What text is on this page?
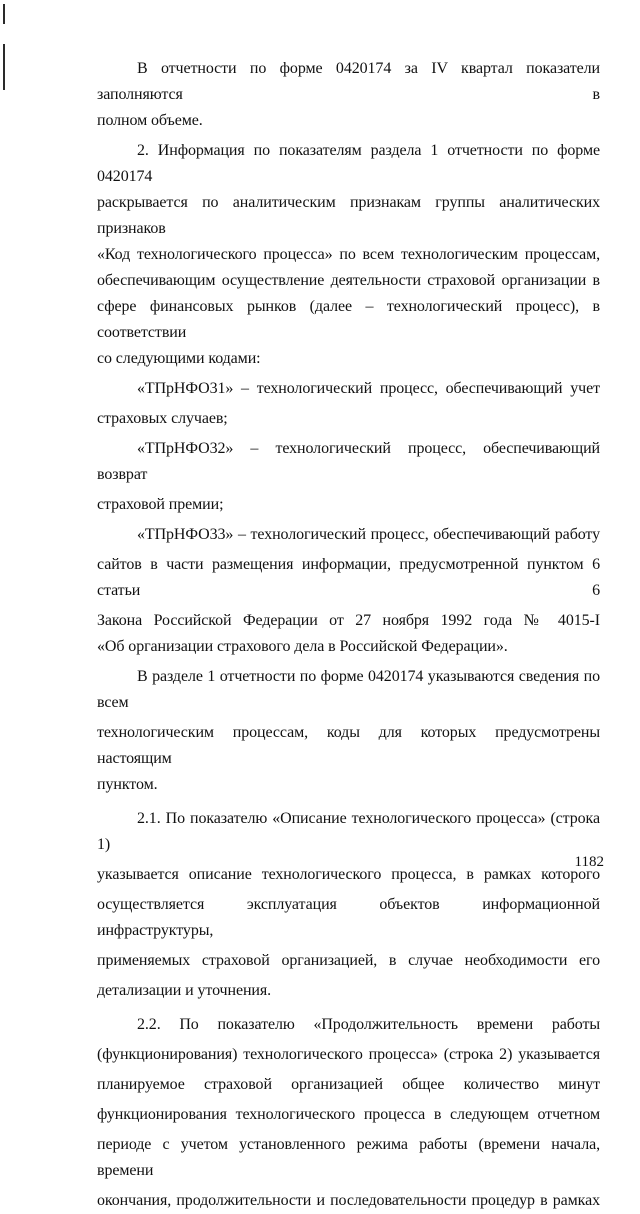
В отчетности по форме 0420174 за IV квартал показатели заполняются в

полном объеме.

2. Информация по показателям раздела 1 отчетности по форме 0420174

раскрывается по аналитическим признакам группы аналитических признаков

«Код технологического процесса» по всем технологическим процессам,

обеспечивающим осуществление деятельности страховой организации в

сфере финансовых рынков (далее – технологический процесс), в соответствии

со следующими кодами:

«ТПрНФО31» – технологический процесс, обеспечивающий учет

страховых случаев;

«ТПрНФО32» – технологический процесс, обеспечивающий возврат

страховой премии;

«ТПрНФО33» – технологический процесс, обеспечивающий работу

сайтов в части размещения информации, предусмотренной пунктом 6 статьи 6

Закона Российской Федерации от 27 ноября 1992 года № 4015-I

«Об организации страхового дела в Российской Федерации».

В разделе 1 отчетности по форме 0420174 указываются сведения по всем

технологическим процессам, коды для которых предусмотрены настоящим

пунктом.

2.1. По показателю «Описание технологического процесса» (строка 1)

указывается описание технологического процесса, в рамках которого

осуществляется эксплуатация объектов информационной инфраструктуры,

применяемых страховой организацией, в случае необходимости его

детализации и уточнения.

2.2. По показателю «Продолжительность времени работы

(функционирования) технологического процесса» (строка 2) указывается

планируемое страховой организацией общее количество минут

функционирования технологического процесса в следующем отчетном

периоде с учетом установленного режима работы (времени начала, времени

окончания, продолжительности и последовательности процедур в рамках

1182
